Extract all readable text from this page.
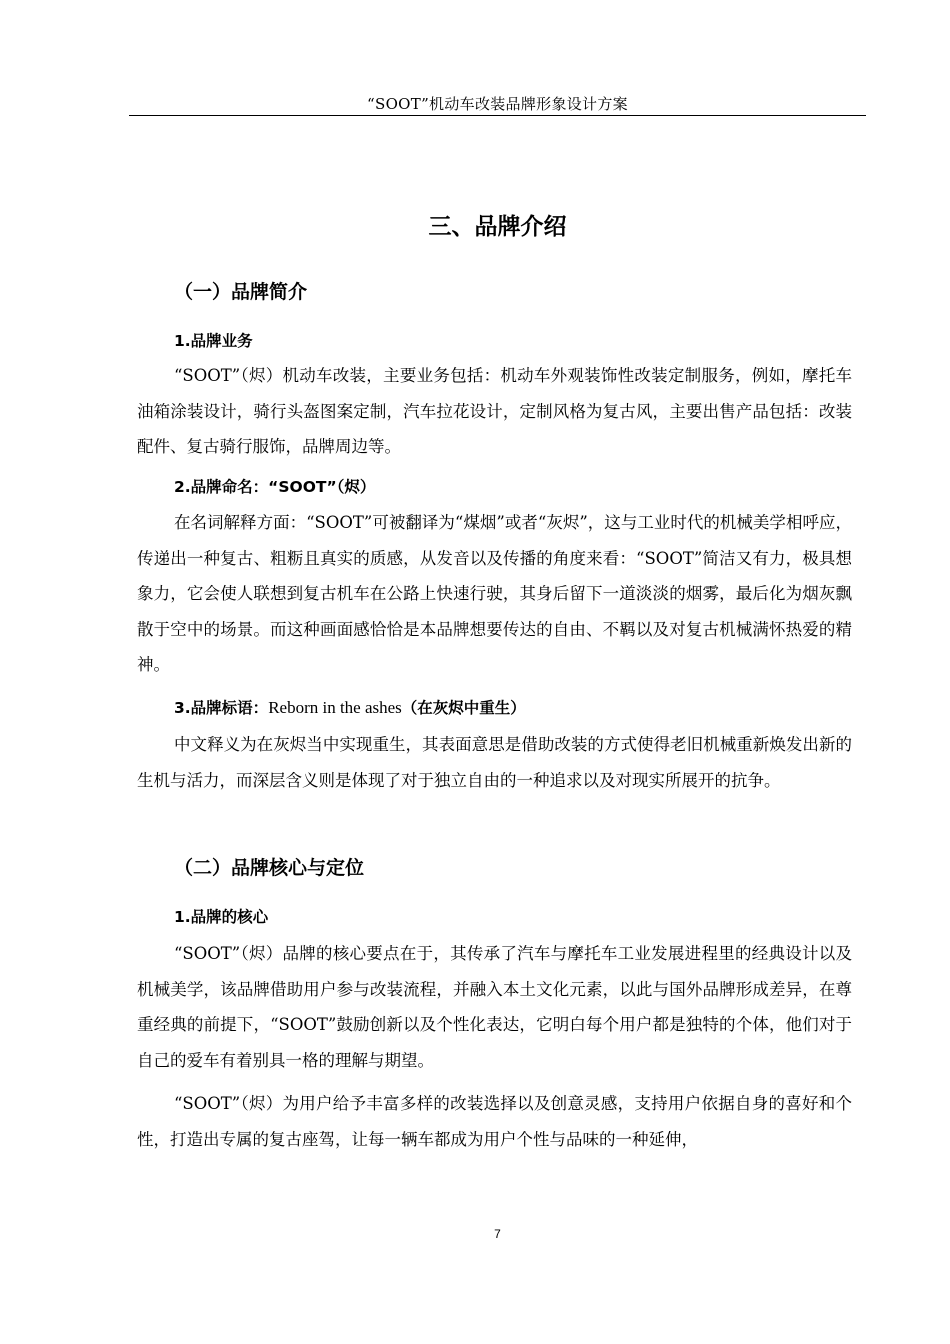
“SOOT”机动车改装品牌形象设计方案
三、品牌介绍
（一）品牌简介
1.品牌业务

“SOOT”（烬）机动车改装，主要业务包括：机动车外观装饰性改装定制服务，例如，摩托车油箱涂装设计，骑行头盔图案定制，汽车拉花设计，定制风格为复古风，主要出售产品包括：改装配件、复古骑行服饰，品牌周边等。

2.品牌命名：“SOOT”（烬）

在名词解释方面：“SOOT”可被翻译为“煤烟”或者“灰烬”，这与工业时代的机械美学相呼应，传递出一种复古、粗粝且真实的质感，从发音以及传播的角度来看：“SOOT”简洁又有力，极具想象力，它会使人联想到复古机车在公路上快速行驶，其身后留下一道淡淡的烟雾，最后化为烟灰飘散于空中的场景。而这种画面感恰恰是本品牌想要传达的自由、不羁以及对复古机械满怀热爱的精神。

3.品牌标语：Reborn in the ashes（在灰烬中重生）

中文释义为在灰烬当中实现重生，其表面意思是借助改装的方式使得老旧机械重新焕发出新的生机与活力，而深层含义则是体现了对于独立自由的一种追求以及对现实所展开的抗争。

（二）品牌核心与定位
1.品牌的核心

“SOOT”（烬）品牌的核心要点在于，其传承了汽车与摩托车工业发展进程里的经典设计以及机械美学，该品牌借助用户参与改装流程，并融入本土文化元素，以此与国外品牌形成差异，在尊重经典的前提下，“SOOT”鼓励创新以及个性化表达，它明白每个用户都是独特的个体，他们对于自己的爱车有着别具一格的理解与期望。

“SOOT”（烬）为用户给予丰富多样的改装选择以及创意灵感，支持用户依据自身的喜好和个性，打造出专属的复古座驾，让每一辆车都成为用户个性与品味的一种延伸，

7
